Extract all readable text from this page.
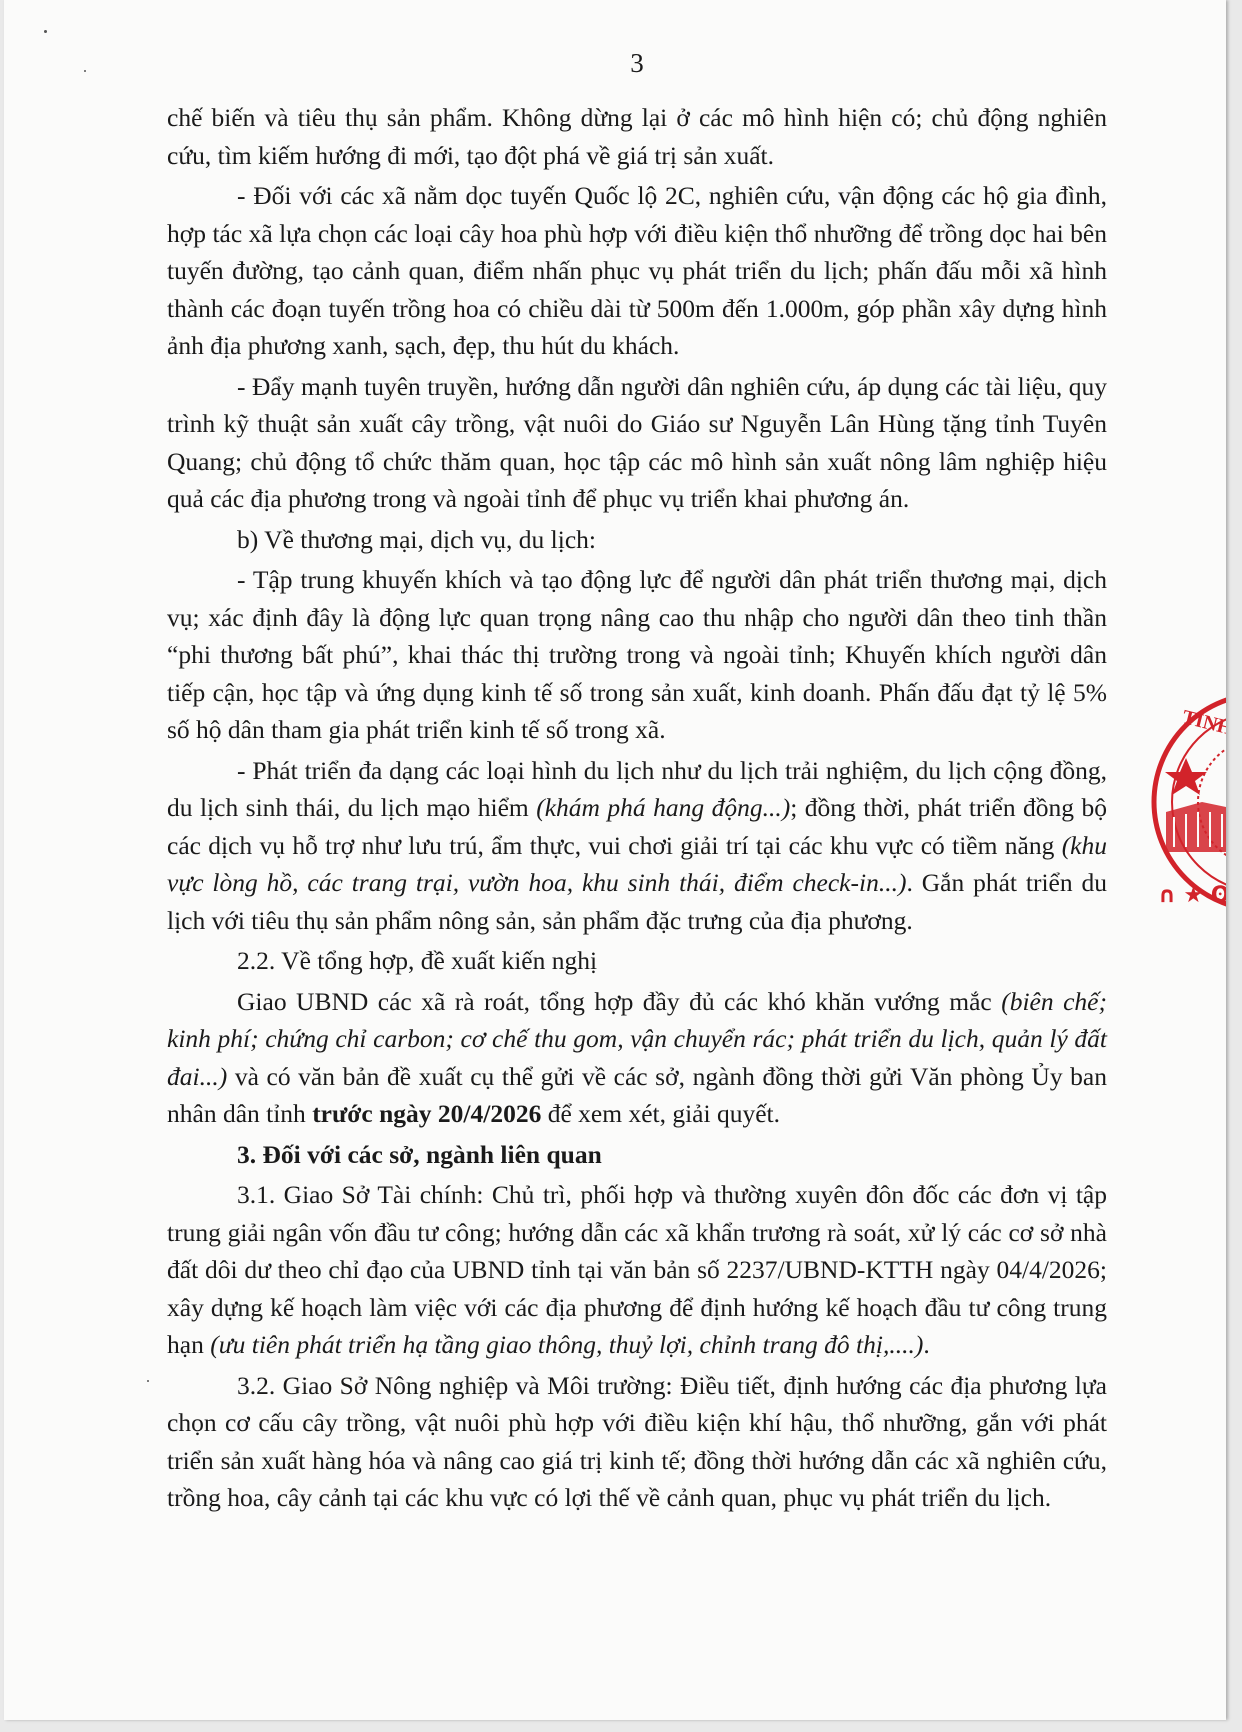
3

chế biến và tiêu thụ sản phẩm. Không dừng lại ở các mô hình hiện có; chủ động nghiên cứu, tìm kiếm hướng đi mới, tạo đột phá về giá trị sản xuất.

- Đối với các xã nằm dọc tuyến Quốc lộ 2C, nghiên cứu, vận động các hộ gia đình, hợp tác xã lựa chọn các loại cây hoa phù hợp với điều kiện thổ nhưỡng để trồng dọc hai bên tuyến đường, tạo cảnh quan, điểm nhấn phục vụ phát triển du lịch; phấn đấu mỗi xã hình thành các đoạn tuyến trồng hoa có chiều dài từ 500m đến 1.000m, góp phần xây dựng hình ảnh địa phương xanh, sạch, đẹp, thu hút du khách.

- Đẩy mạnh tuyên truyền, hướng dẫn người dân nghiên cứu, áp dụng các tài liệu, quy trình kỹ thuật sản xuất cây trồng, vật nuôi do Giáo sư Nguyễn Lân Hùng tặng tỉnh Tuyên Quang; chủ động tổ chức thăm quan, học tập các mô hình sản xuất nông lâm nghiệp hiệu quả các địa phương trong và ngoài tỉnh để phục vụ triển khai phương án.

b) Về thương mại, dịch vụ, du lịch:

- Tập trung khuyến khích và tạo động lực để người dân phát triển thương mại, dịch vụ; xác định đây là động lực quan trọng nâng cao thu nhập cho người dân theo tinh thần “phi thương bất phú”, khai thác thị trường trong và ngoài tỉnh; Khuyến khích người dân tiếp cận, học tập và ứng dụng kinh tế số trong sản xuất, kinh doanh. Phấn đấu đạt tỷ lệ 5% số hộ dân tham gia phát triển kinh tế số trong xã.

- Phát triển đa dạng các loại hình du lịch như du lịch trải nghiệm, du lịch cộng đồng, du lịch sinh thái, du lịch mạo hiểm (khám phá hang động...); đồng thời, phát triển đồng bộ các dịch vụ hỗ trợ như lưu trú, ẩm thực, vui chơi giải trí tại các khu vực có tiềm năng (khu vực lòng hồ, các trang trại, vườn hoa, khu sinh thái, điểm check-in...). Gắn phát triển du lịch với tiêu thụ sản phẩm nông sản, sản phẩm đặc trưng của địa phương.

2.2. Về tổng hợp, đề xuất kiến nghị

Giao UBND các xã rà roát, tổng hợp đầy đủ các khó khăn vướng mắc (biên chế; kinh phí; chứng chỉ carbon; cơ chế thu gom, vận chuyển rác; phát triển du lịch, quản lý đất đai...) và có văn bản đề xuất cụ thể gửi về các sở, ngành đồng thời gửi Văn phòng Ủy ban nhân dân tỉnh trước ngày 20/4/2026 để xem xét, giải quyết.

3. Đối với các sở, ngành liên quan

3.1. Giao Sở Tài chính: Chủ trì, phối hợp và thường xuyên đôn đốc các đơn vị tập trung giải ngân vốn đầu tư công; hướng dẫn các xã khẩn trương rà soát, xử lý các cơ sở nhà đất dôi dư theo chỉ đạo của UBND tỉnh tại văn bản số 2237/UBND-KTTH ngày 04/4/2026; xây dựng kế hoạch làm việc với các địa phương để định hướng kế hoạch đầu tư công trung hạn (ưu tiên phát triển hạ tầng giao thông, thuỷ lợi, chỉnh trang đô thị,....).

3.2. Giao Sở Nông nghiệp và Môi trường: Điều tiết, định hướng các địa phương lựa chọn cơ cấu cây trồng, vật nuôi phù hợp với điều kiện khí hậu, thổ nhưỡng, gắn với phát triển sản xuất hàng hóa và nâng cao giá trị kinh tế; đồng thời hướng dẫn các xã nghiên cứu, trồng hoa, cây cảnh tại các khu vực có lợi thế về cảnh quan, phục vụ phát triển du lịch.

TỈNH
∩ ★ ʘ
